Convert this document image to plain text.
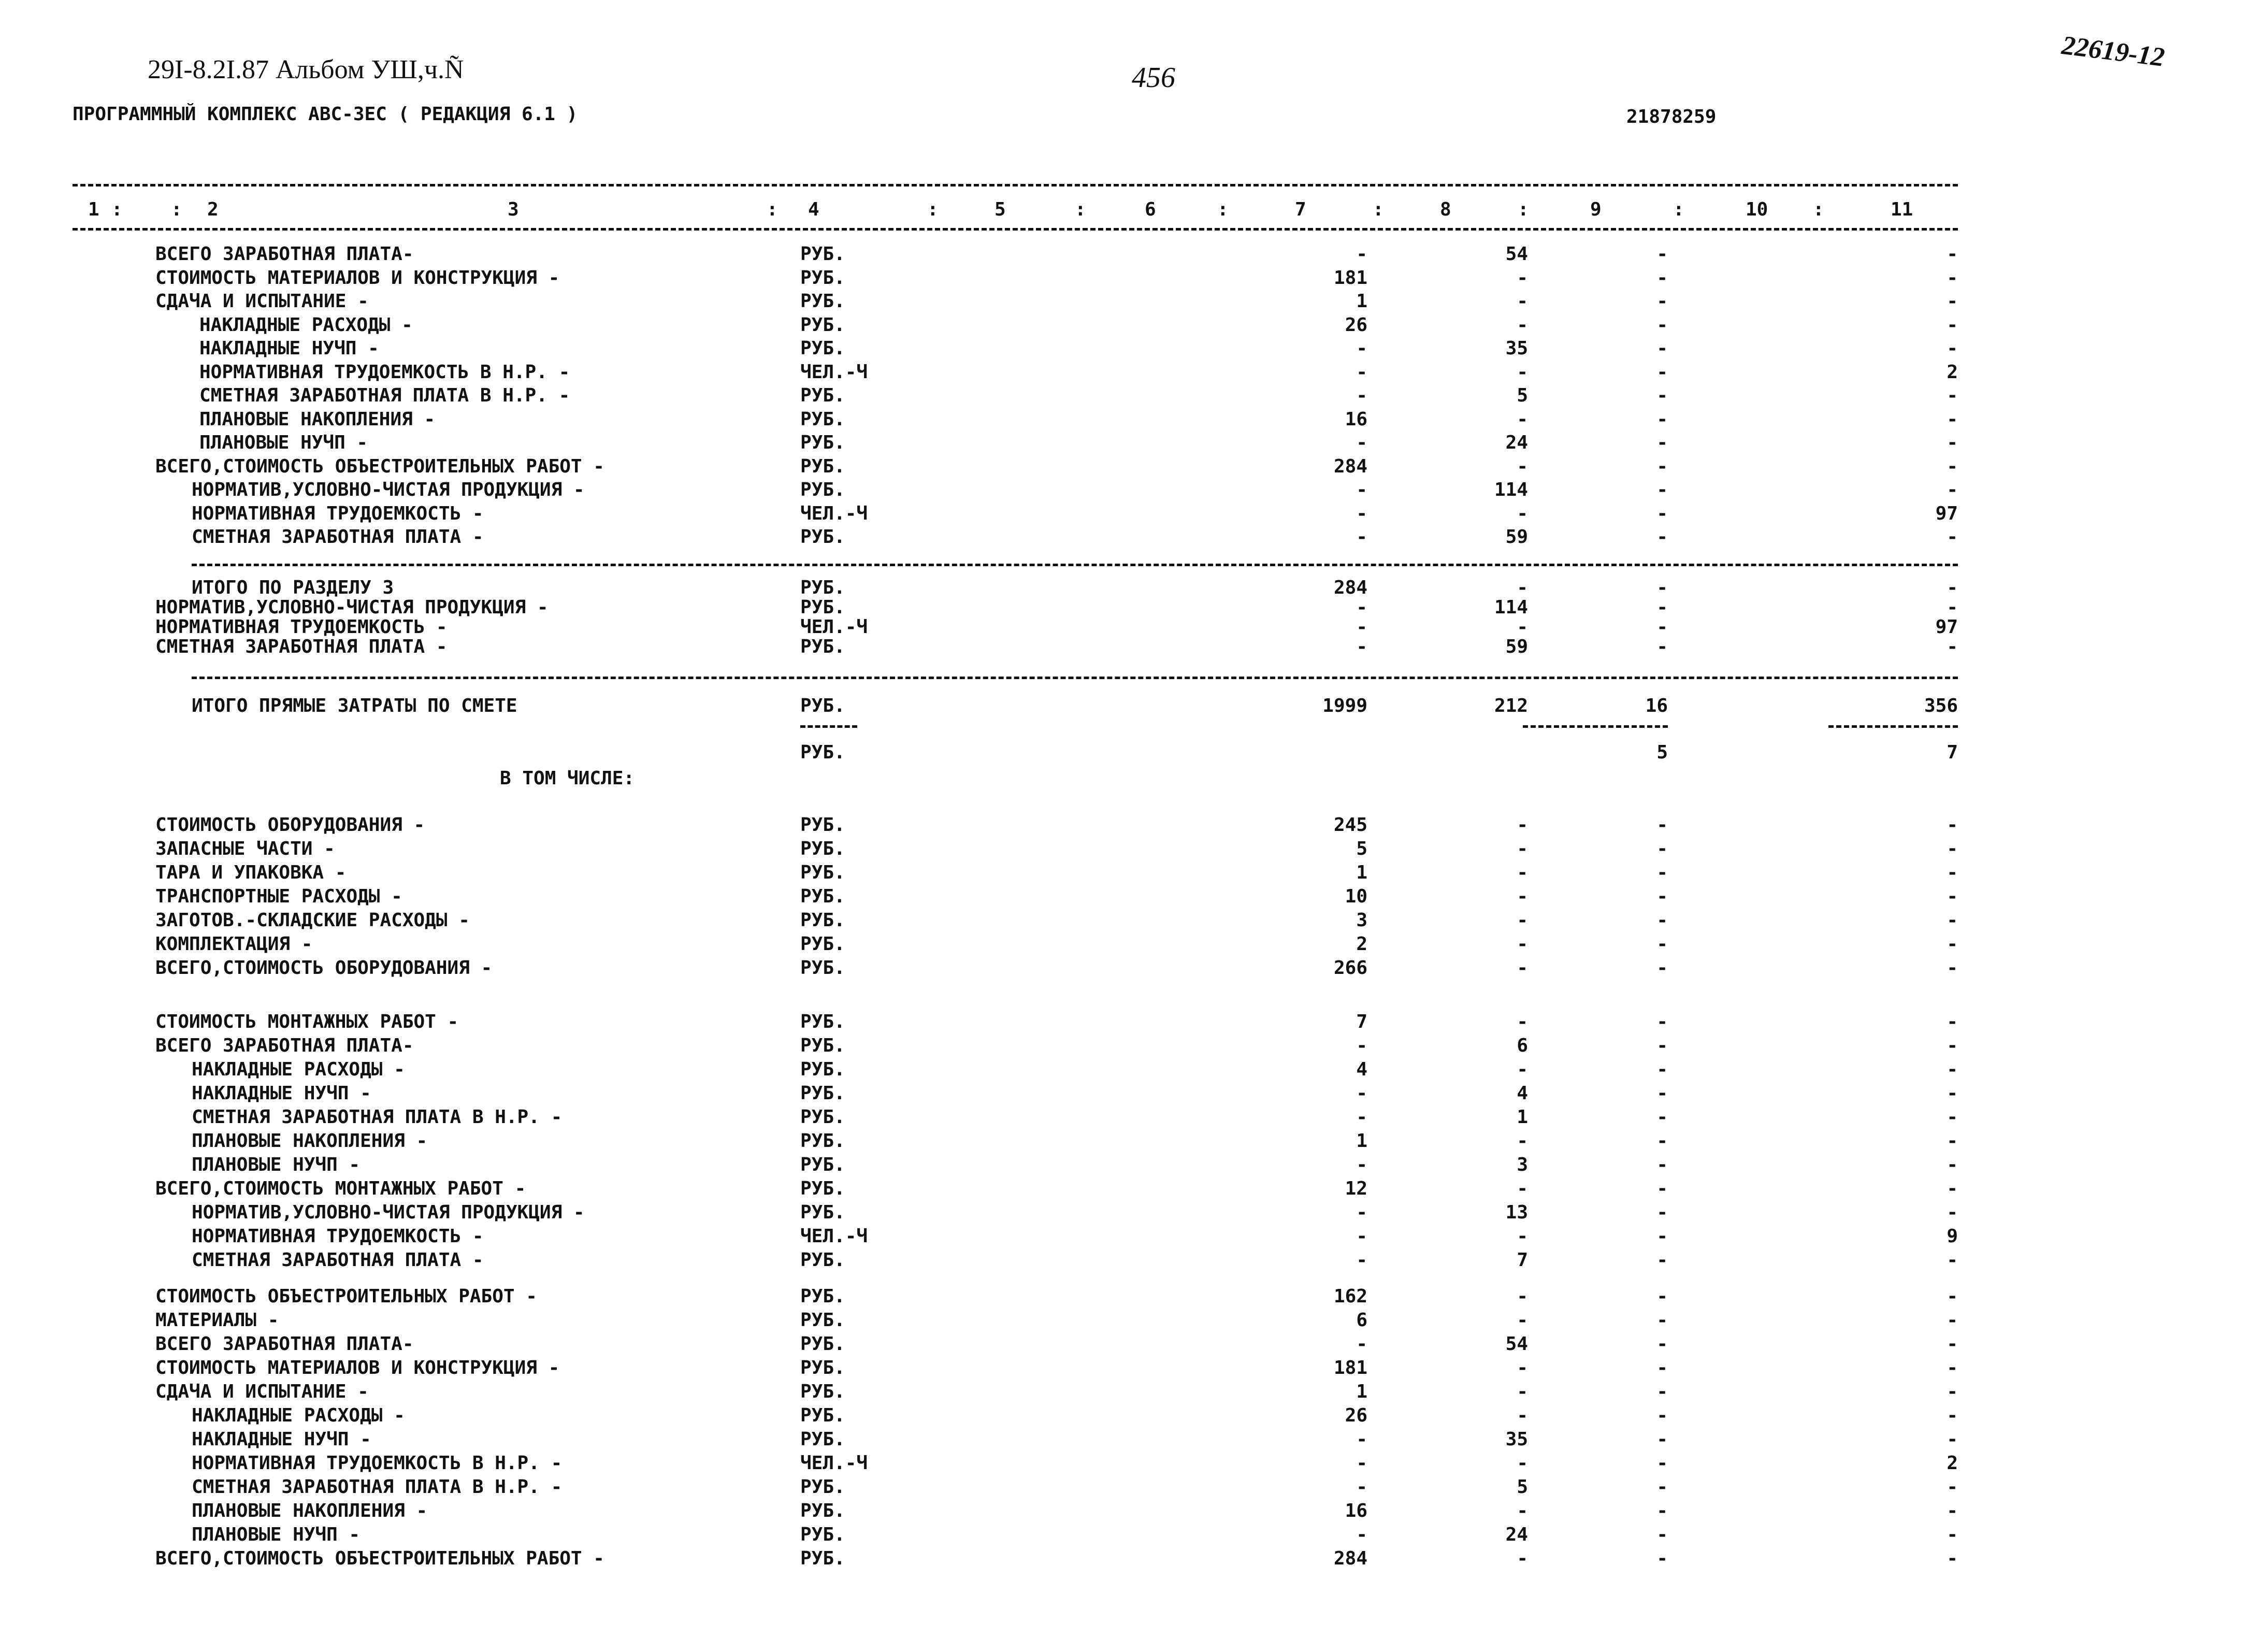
29I-8.2I.87 Альбом УШ,ч.Ñ	456
22619-12
ПРОГРАММНЫЙ КОМПЛЕКС АВС-3ЕС ( РЕДАКЦИЯ 6.1 )	21878259
1	2	3	4	5	6	7	8	9	10	11
:	:	:	:	:	:	:	:	:	:
ВСЕГО ЗАРАБОТНАЯ ПЛАТА-	РУБ.	-	54	-	-
СТОИМОСТЬ МАТЕРИАЛОВ И КОНСТРУКЦИЯ -	РУБ.	181	-	-	-
СДАЧА И ИСПЫТАНИЕ -	РУБ.	1	-	-	-
НАКЛАДНЫЕ РАСХОДЫ -	РУБ.	26	-	-	-
НАКЛАДНЫЕ НУЧП -	РУБ.	-	35	-	-
НОРМАТИВНАЯ ТРУДОЕМКОСТЬ В Н.Р. -	ЧЕЛ.-Ч	-	-	-	2
СМЕТНАЯ ЗАРАБОТНАЯ ПЛАТА В Н.Р. -	РУБ.	-	5	-	-
ПЛАНОВЫЕ НАКОПЛЕНИЯ -	РУБ.	16	-	-	-
ПЛАНОВЫЕ НУЧП -	РУБ.	-	24	-	-
ВСЕГО,СТОИМОСТЬ ОБЪЕСТРОИТЕЛЬНЫХ РАБОТ -	РУБ.	284	-	-	-
НОРМАТИВ,УСЛОВНО-ЧИСТАЯ ПРОДУКЦИЯ -	РУБ.	-	114	-	-
НОРМАТИВНАЯ ТРУДОЕМКОСТЬ -	ЧЕЛ.-Ч	-	-	-	97
СМЕТНАЯ ЗАРАБОТНАЯ ПЛАТА -	РУБ.	-	59	-	-
ИТОГО ПО РАЗДЕЛУ 3	РУБ.	284	-	-	-
НОРМАТИВ,УСЛОВНО-ЧИСТАЯ ПРОДУКЦИЯ -	РУБ.	-	114	-	-
НОРМАТИВНАЯ ТРУДОЕМКОСТЬ -	ЧЕЛ.-Ч	-	-	-	97
СМЕТНАЯ ЗАРАБОТНАЯ ПЛАТА -	РУБ.	-	59	-	-
ИТОГО ПРЯМЫЕ ЗАТРАТЫ ПО СМЕТЕ	РУБ.	1999	212	16	356
РУБ.	5	7
В ТОМ ЧИСЛЕ:
СТОИМОСТЬ ОБОРУДОВАНИЯ -	РУБ.	245	-	-	-
ЗАПАСНЫЕ ЧАСТИ -	РУБ.	5	-	-	-
ТАРА И УПАКОВКА -	РУБ.	1	-	-	-
ТРАНСПОРТНЫЕ РАСХОДЫ -	РУБ.	10	-	-	-
ЗАГОТОВ.-СКЛАДСКИЕ РАСХОДЫ -	РУБ.	3	-	-	-
КОМПЛЕКТАЦИЯ -	РУБ.	2	-	-	-
ВСЕГО,СТОИМОСТЬ ОБОРУДОВАНИЯ -	РУБ.	266	-	-	-
СТОИМОСТЬ МОНТАЖНЫХ РАБОТ -	РУБ.	7	-	-	-
ВСЕГО ЗАРАБОТНАЯ ПЛАТА-	РУБ.	-	6	-	-
НАКЛАДНЫЕ РАСХОДЫ -	РУБ.	4	-	-	-
НАКЛАДНЫЕ НУЧП -	РУБ.	-	4	-	-
СМЕТНАЯ ЗАРАБОТНАЯ ПЛАТА В Н.Р. -	РУБ.	-	1	-	-
ПЛАНОВЫЕ НАКОПЛЕНИЯ -	РУБ.	1	-	-	-
ПЛАНОВЫЕ НУЧП -	РУБ.	-	3	-	-
ВСЕГО,СТОИМОСТЬ МОНТАЖНЫХ РАБОТ -	РУБ.	12	-	-	-
НОРМАТИВ,УСЛОВНО-ЧИСТАЯ ПРОДУКЦИЯ -	РУБ.	-	13	-	-
НОРМАТИВНАЯ ТРУДОЕМКОСТЬ -	ЧЕЛ.-Ч	-	-	-	9
СМЕТНАЯ ЗАРАБОТНАЯ ПЛАТА -	РУБ.	-	7	-	-
СТОИМОСТЬ ОБЪЕСТРОИТЕЛЬНЫХ РАБОТ -	РУБ.	162	-	-	-
МАТЕРИАЛЫ -	РУБ.	6	-	-	-
ВСЕГО ЗАРАБОТНАЯ ПЛАТА-	РУБ.	-	54	-	-
СТОИМОСТЬ МАТЕРИАЛОВ И КОНСТРУКЦИЯ -	РУБ.	181	-	-	-
СДАЧА И ИСПЫТАНИЕ -	РУБ.	1	-	-	-
НАКЛАДНЫЕ РАСХОДЫ -	РУБ.	26	-	-	-
НАКЛАДНЫЕ НУЧП -	РУБ.	-	35	-	-
НОРМАТИВНАЯ ТРУДОЕМКОСТЬ В Н.Р. -	ЧЕЛ.-Ч	-	-	-	2
СМЕТНАЯ ЗАРАБОТНАЯ ПЛАТА В Н.Р. -	РУБ.	-	5	-	-
ПЛАНОВЫЕ НАКОПЛЕНИЯ -	РУБ.	16	-	-	-
ПЛАНОВЫЕ НУЧП -	РУБ.	-	24	-	-
ВСЕГО,СТОИМОСТЬ ОБЪЕСТРОИТЕЛЬНЫХ РАБОТ -	РУБ.	284	-	-	-
